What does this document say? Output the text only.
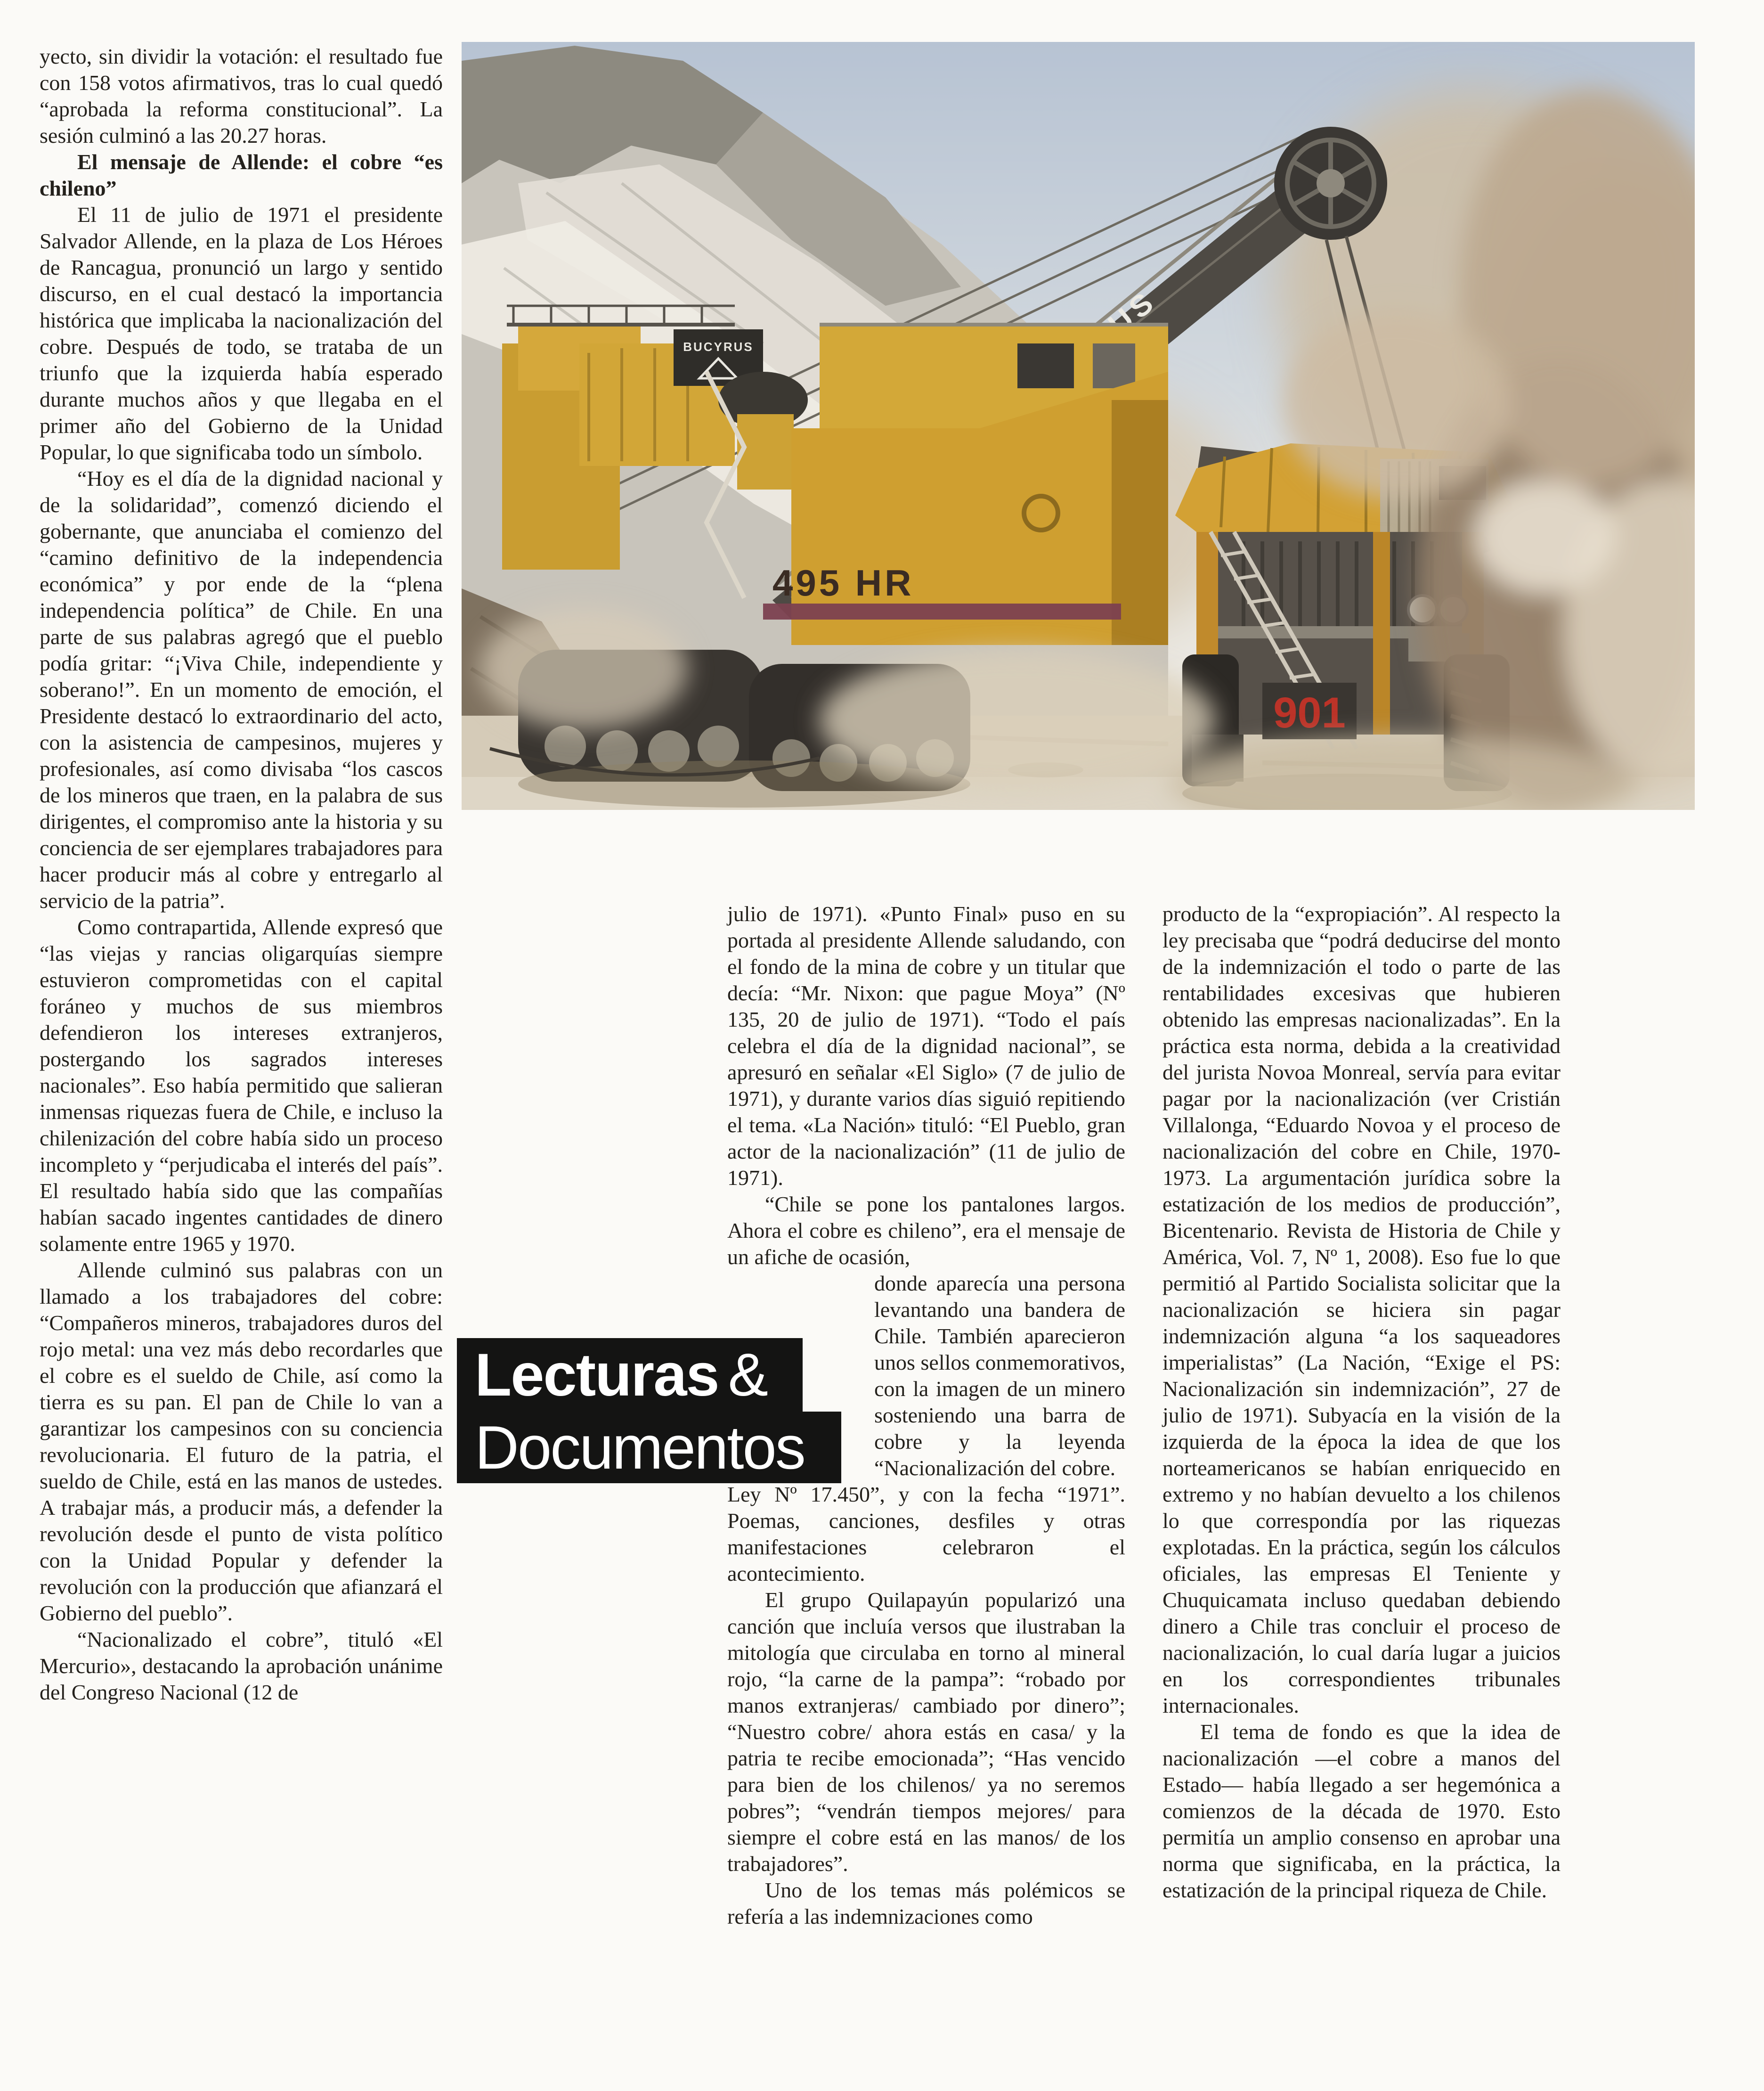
yecto, sin dividir la votación: el resultado fue con 158 votos afirmativos, tras lo cual quedó “aprobada la reforma constitucional”. La sesión culminó a las 20.27 horas.

El mensaje de Allende: el cobre “es chileno”

El 11 de julio de 1971 el presidente Salvador Allende, en la plaza de Los Héroes de Rancagua, pronunció un largo y sentido discurso, en el cual destacó la importancia histórica que implicaba la nacionalización del cobre. Después de todo, se trataba de un triunfo que la izquierda había esperado durante muchos años y que llegaba en el primer año del Gobierno de la Unidad Popular, lo que significaba todo un símbolo.

“Hoy es el día de la dignidad nacional y de la solidaridad”, comenzó diciendo el gobernante, que anunciaba el comienzo del “camino definitivo de la independencia económica” y por ende de la “plena independencia política” de Chile. En una parte de sus palabras agregó que el pueblo podía gritar: “¡Viva Chile, independiente y soberano!”. En un momento de emoción, el Presidente destacó lo extraordinario del acto, con la asistencia de campesinos, mujeres y profesionales, así como divisaba “los cascos de los mineros que traen, en la palabra de sus dirigentes, el compromiso ante la historia y su conciencia de ser ejemplares trabajadores para hacer producir más al cobre y entregarlo al servicio de la patria”.

Como contrapartida, Allende expresó que “las viejas y rancias oligarquías siempre estuvieron comprometidas con el capital foráneo y muchos de sus miembros defendieron los intereses extranjeros, postergando los sagrados intereses nacionales”. Eso había permitido que salieran inmensas riquezas fuera de Chile, e incluso la chilenización del cobre había sido un proceso incompleto y “perjudicaba el interés del país”. El resultado había sido que las compañías habían sacado ingentes cantidades de dinero solamente entre 1965 y 1970.

Allende culminó sus palabras con un llamado a los trabajadores del cobre: “Compañeros mineros, trabajadores duros del rojo metal: una vez más debo recordarles que el cobre es el sueldo de Chile, así como la tierra es su pan. El pan de Chile lo van a garantizar los campesinos con su conciencia revolucionaria. El futuro de la patria, el sueldo de Chile, está en las manos de ustedes. A trabajar más, a producir más, a defender la revolución desde el punto de vista político con la Unidad Popular y defender la revolución con la producción que afianzará el Gobierno del pueblo”.

“Nacionalizado el cobre”, tituló «El Mercurio», destacando la aprobación unánime del Congreso Nacional (12 de

BUCYRUS
495 HR
901
Lecturas &
Documentos

julio de 1971). «Punto Final» puso en su portada al presidente Allende saludando, con el fondo de la mina de cobre y un titular que decía: “Mr. Nixon: que pague Moya” (Nº 135, 20 de julio de 1971). “Todo el país celebra el día de la dignidad nacional”, se apresuró en señalar «El Siglo» (7 de julio de 1971), y durante varios días siguió repitiendo el tema. «La Nación» tituló: “El Pueblo, gran actor de la nacionalización” (11 de julio de 1971).

“Chile se pone los pantalones largos. Ahora el cobre es chileno”, era el mensaje de un afiche de ocasión,

donde aparecía una persona levantando una bandera de Chile. También aparecieron unos sellos conmemorativos, con la imagen de un minero sosteniendo una barra de cobre y la leyenda “Nacionalización del cobre.

Ley Nº 17.450”, y con la fecha “1971”. Poemas, canciones, desfiles y otras manifestaciones celebraron el acontecimiento.

El grupo Quilapayún popularizó una canción que incluía versos que ilustraban la mitología que circulaba en torno al mineral rojo, “la carne de la pampa”: “robado por manos extranjeras/ cambiado por dinero”; “Nuestro cobre/ ahora estás en casa/ y la patria te recibe emocionada”; “Has vencido para bien de los chilenos/ ya no seremos pobres”; “vendrán tiempos mejores/ para siempre el cobre está en las manos/ de los trabajadores”.

Uno de los temas más polémicos se refería a las indemnizaciones como

producto de la “expropiación”. Al respecto la ley precisaba que “podrá deducirse del monto de la indemnización el todo o parte de las rentabilidades excesivas que hubieren obtenido las empresas nacionalizadas”. En la práctica esta norma, debida a la creatividad del jurista Novoa Monreal, servía para evitar pagar por la nacionalización (ver Cristián Villalonga, “Eduardo Novoa y el proceso de nacionalización del cobre en Chile, 1970-1973. La argumentación jurídica sobre la estatización de los medios de producción”, Bicentenario. Revista de Historia de Chile y América, Vol. 7, Nº 1, 2008). Eso fue lo que permitió al Partido Socialista solicitar que la nacionalización se hiciera sin pagar indemnización alguna “a los saqueadores imperialistas” (La Nación, “Exige el PS: Nacionalización sin indemnización”, 27 de julio de 1971). Subyacía en la visión de la izquierda de la época la idea de que los norteamericanos se habían enriquecido en extremo y no habían devuelto a los chilenos lo que correspondía por las riquezas explotadas. En la práctica, según los cálculos oficiales, las empresas El Teniente y Chuquicamata incluso quedaban debiendo dinero a Chile tras concluir el proceso de nacionalización, lo cual daría lugar a juicios en los correspondientes tribunales internacionales.

El tema de fondo es que la idea de nacionalización —el cobre a manos del Estado— había llegado a ser hegemónica a comienzos de la década de 1970. Esto permitía un amplio consenso en aprobar una norma que significaba, en la práctica, la estatización de la principal riqueza de Chile.
